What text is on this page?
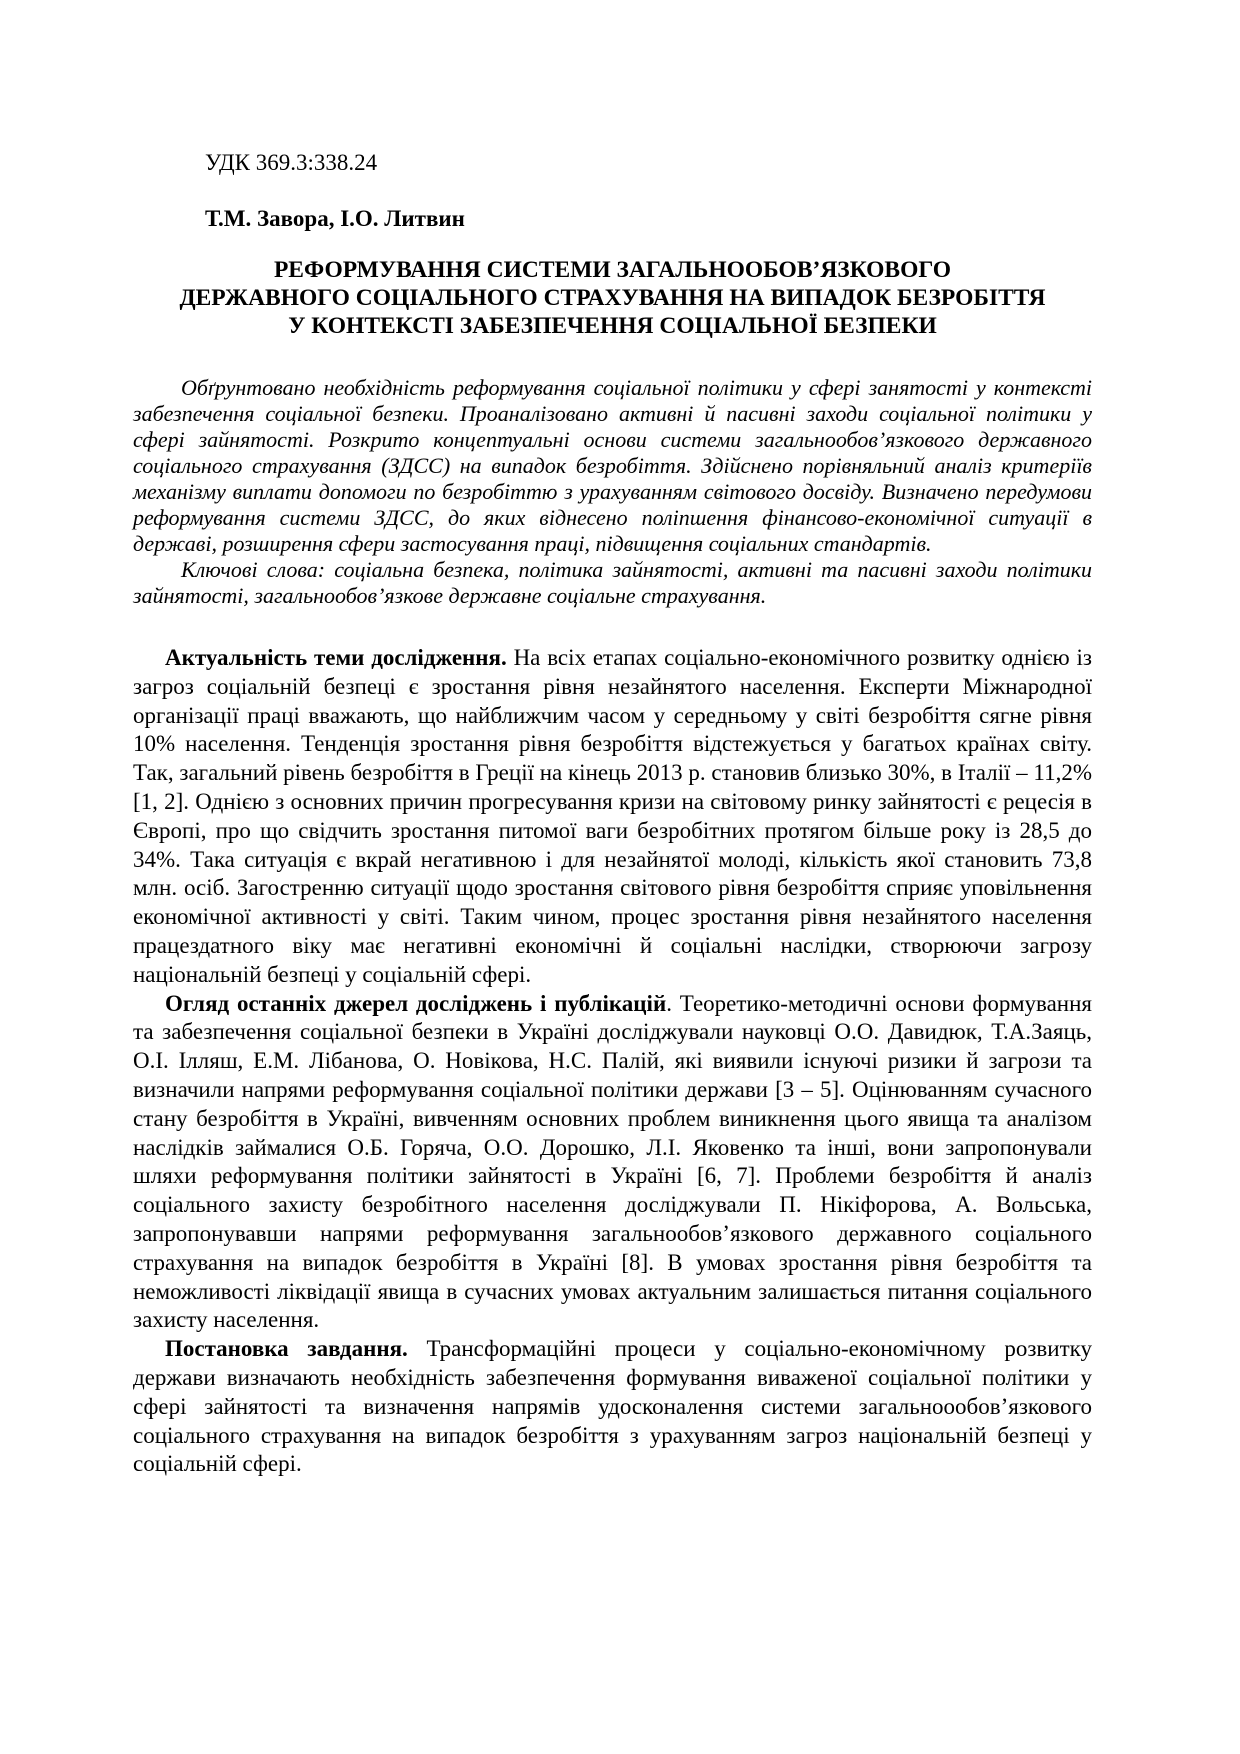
УДК 369.3:338.24

Т.М. Завора, І.О. Литвин

РЕФОРМУВАННЯ СИСТЕМИ ЗАГАЛЬНООБОВ’ЯЗКОВОГО
ДЕРЖАВНОГО СОЦІАЛЬНОГО СТРАХУВАННЯ НА ВИПАДОК БЕЗРОБІТТЯ
У КОНТЕКСТІ ЗАБЕЗПЕЧЕННЯ СОЦІАЛЬНОЇ БЕЗПЕКИ

Обґрунтовано необхідність реформування соціальної політики у сфері занятості у контексті забезпечення соціальної безпеки. Проаналізовано активні й пасивні заходи соціальної політики у сфері зайнятості. Розкрито концептуальні основи системи загальнообов’язкового державного соціального страхування (ЗДСС) на випадок безробіття. Здійснено порівняльний аналіз критеріїв механізму виплати допомоги по безробіттю з урахуванням світового досвіду. Визначено передумови реформування системи ЗДСС, до яких віднесено поліпшення фінансово-економічної ситуації в державі, розширення сфери застосування праці, підвищення соціальних стандартів.

Ключові слова: соціальна безпека, політика зайнятості, активні та пасивні заходи політики зайнятості, загальнообов’язкове державне соціальне страхування.

Актуальність теми дослідження. На всіх етапах соціально-економічного розвитку однією із загроз соціальній безпеці є зростання рівня незайнятого населення. Експерти Міжнародної організації праці вважають, що найближчим часом у середньому у світі безробіття сягне рівня 10% населення. Тенденція зростання рівня безробіття відстежується у багатьох країнах світу. Так, загальний рівень безробіття в Греції на кінець 2013 р. становив близько 30%, в Італії – 11,2% [1, 2]. Однією з основних причин прогресування кризи на світовому ринку зайнятості є рецесія в Європі, про що свідчить зростання питомої ваги безробітних протягом більше року із 28,5 до 34%. Така ситуація є вкрай негативною і для незайнятої молоді, кількість якої становить 73,8 млн. осіб. Загостренню ситуації щодо зростання світового рівня безробіття сприяє уповільнення економічної активності у світі. Таким чином, процес зростання рівня незайнятого населення працездатного віку має негативні економічні й соціальні наслідки, створюючи загрозу національній безпеці у соціальній сфері.

Огляд останніх джерел досліджень і публікацій. Теоретико-методичні основи формування та забезпечення соціальної безпеки в Україні досліджували науковці О.О. Давидюк, Т.А.Заяць, О.І. Ілляш, Е.М. Лібанова, О. Новікова, Н.С. Палій, які виявили існуючі ризики й загрози та визначили напрями реформування соціальної політики держави [3 – 5]. Оцінюванням сучасного стану безробіття в Україні, вивченням основних проблем виникнення цього явища та аналізом наслідків займалися О.Б. Горяча, О.О. Дорошко, Л.І. Яковенко та інші, вони запропонували шляхи реформування політики зайнятості в Україні [6, 7]. Проблеми безробіття й аналіз соціального захисту безробітного населення досліджували П. Нікіфорова, А. Вольська, запропонувавши напрями реформування загальнообов’язкового державного соціального страхування на випадок безробіття в Україні [8]. В умовах зростання рівня безробіття та неможливості ліквідації явища в сучасних умовах актуальним залишається питання соціального захисту населення.

Постановка завдання. Трансформаційні процеси у соціально-економічному розвитку держави визначають необхідність забезпечення формування виваженої соціальної політики у сфері зайнятості та визначення напрямів удосконалення системи загальноообов’язкового соціального страхування на випадок безробіття з урахуванням загроз національній безпеці у соціальній сфері.
